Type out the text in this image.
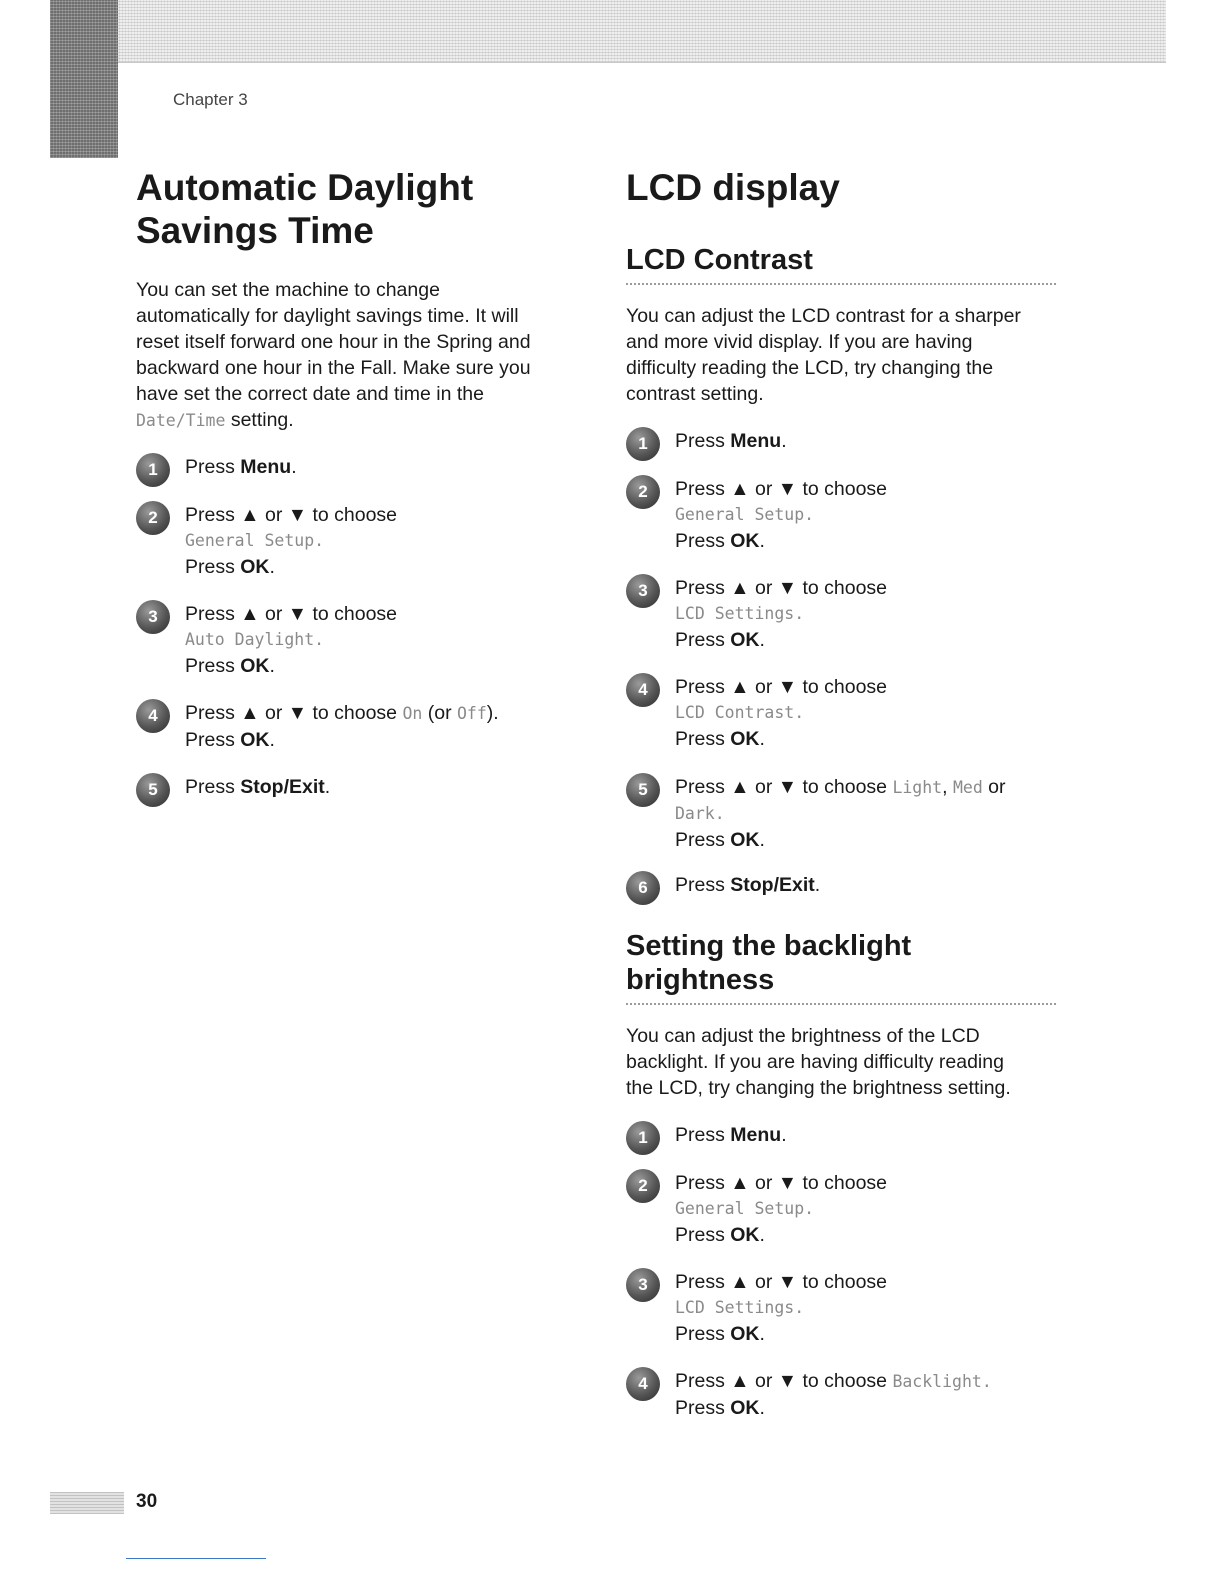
Chapter 3
Automatic Daylight
Savings Time
You can set the machine to change
automatically for daylight savings time. It will
reset itself forward one hour in the Spring and
backward one hour in the Fall. Make sure you
have set the correct date and time in the
Date/Time setting.
1	Press Menu.
2	Press ▲ or ▼ to choose
General Setup.
Press OK.
3	Press ▲ or ▼ to choose
Auto Daylight.
Press OK.
4	Press ▲ or ▼ to choose On (or Off).
Press OK.
5	Press Stop/Exit.
LCD display
LCD Contrast
You can adjust the LCD contrast for a sharper
and more vivid display. If you are having
difficulty reading the LCD, try changing the
contrast setting.
1	Press Menu.
2	Press ▲ or ▼ to choose
General Setup.
Press OK.
3	Press ▲ or ▼ to choose
LCD Settings.
Press OK.
4	Press ▲ or ▼ to choose
LCD Contrast.
Press OK.
5	Press ▲ or ▼ to choose Light, Med or
Dark.
Press OK.
6	Press Stop/Exit.
Setting the backlight
brightness
You can adjust the brightness of the LCD
backlight. If you are having difficulty reading
the LCD, try changing the brightness setting.
1	Press Menu.
2	Press ▲ or ▼ to choose
General Setup.
Press OK.
3	Press ▲ or ▼ to choose
LCD Settings.
Press OK.
4	Press ▲ or ▼ to choose Backlight.
Press OK.
30
